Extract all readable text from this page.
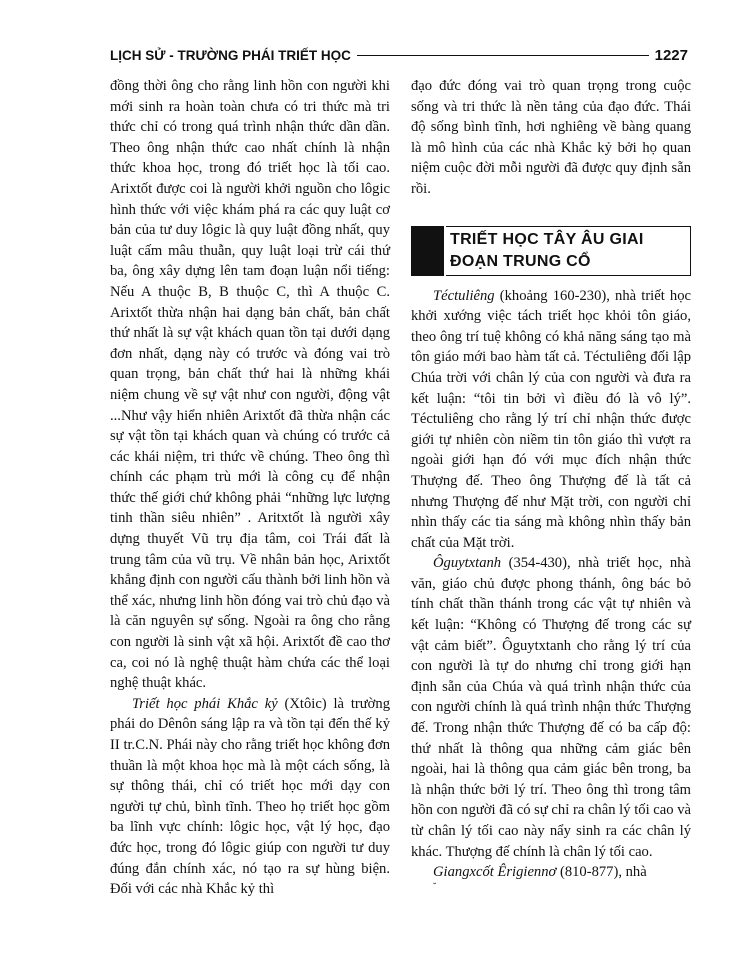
LỊCH SỬ - TRƯỜNG PHÁI TRIẾT HỌC	1227

đồng thời ông cho rằng linh hồn con người khi mới sinh ra hoàn toàn chưa có tri thức mà tri thức chỉ có trong quá trình nhận thức dần dần. Theo ông nhận thức cao nhất chính là nhận thức khoa học, trong đó triết học là tối cao. Arixtốt được coi là người khởi nguồn cho lôgic hình thức với việc khám phá ra các quy luật cơ bản của tư duy lôgic là quy luật đồng nhất, quy luật cấm mâu thuẫn, quy luật loại trừ cái thứ ba, ông xây dựng lên tam đoạn luận nổi tiếng: Nếu A thuộc B, B thuộc C, thì A thuộc C. Arixtốt thừa nhận hai dạng bản chất, bản chất thứ nhất là sự vật khách quan tồn tại dưới dạng đơn nhất, dạng này có trước và đóng vai trò quan trọng, bản chất thứ hai là những khái niệm chung về sự vật như con người, động vật ...Như vậy hiển nhiên Arixtốt đã thừa nhận các sự vật tồn tại khách quan và chúng có trước cả các khái niệm, tri thức về chúng. Theo ông thì chính các phạm trù mới là công cụ để nhận thức thế giới chứ không phải “những lực lượng tinh thần siêu nhiên” . Aritxtốt là người xây dựng thuyết Vũ trụ địa tâm, coi Trái đất là trung tâm của vũ trụ. Về nhân bản học, Arixtốt khẳng định con người cấu thành bởi linh hồn và thể xác, nhưng linh hồn đóng vai trò chủ đạo và là căn nguyên sự sống. Ngoài ra ông cho rằng con người là sinh vật xã hội. Arixtốt đề cao thơ ca, coi nó là nghệ thuật hàm chứa các thể loại nghệ thuật khác.

Triết học phái Khắc kỷ (Xtôic) là trường phái do Dênôn sáng lập ra và tồn tại đến thế kỷ II tr.C.N. Phái này cho rằng triết học không đơn thuần là một khoa học mà là một cách sống, là sự thông thái, chỉ có triết học mới dạy con người tự chủ, bình tĩnh. Theo họ triết học gồm ba lĩnh vực chính: lôgic học, vật lý học, đạo đức học, trong đó lôgic giúp con người tư duy đúng đắn chính xác, nó tạo ra sự hùng biện. Đối với các nhà Khắc kỷ thì

đạo đức đóng vai trò quan trọng trong cuộc sống và tri thức là nền tảng của đạo đức. Thái độ sống bình tĩnh, hơi nghiêng về bàng quang là mô hình của các nhà Khắc kỷ bởi họ quan niệm cuộc đời mỗi người đã được quy định sẵn rồi.

TRIẾT HỌC TÂY ÂU GIAI ĐOẠN TRUNG CỔ

Téctuliêng (khoảng 160-230), nhà triết học khởi xướng việc tách triết học khỏi tôn giáo, theo ông trí tuệ không có khả năng sáng tạo mà tôn giáo mới bao hàm tất cả. Téctuliêng đối lập Chúa trời với chân lý của con người và đưa ra kết luận: “tôi tin bởi vì điều đó là vô lý”. Téctuliêng cho rằng lý trí chỉ nhận thức được giới tự nhiên còn niềm tin tôn giáo thì vượt ra ngoài giới hạn đó với mục đích nhận thức Thượng đế. Theo ông Thượng đế là tất cả nhưng Thượng đế như Mặt trời, con người chỉ nhìn thấy các tia sáng mà không nhìn thấy bản chất của Mặt trời.

Ôguytxtanh (354-430), nhà triết học, nhà văn, giáo chủ được phong thánh, ông bác bỏ tính chất thần thánh trong các vật tự nhiên và kết luận: “Không có Thượng đế trong các sự vật cảm biết”. Ôguytxtanh cho rằng lý trí của con người là tự do nhưng chỉ trong giới hạn định sẵn của Chúa và quá trình nhận thức của con người chính là quá trình nhận thức Thượng đế. Trong nhận thức Thượng đế có ba cấp độ: thứ nhất là thông qua những cảm giác bên ngoài, hai là thông qua cảm giác bên trong, ba là nhận thức bởi lý trí. Theo ông thì trong tâm hồn con người đã có sự chỉ ra chân lý tối cao và từ chân lý tối cao này nẩy sinh ra các chân lý khác. Thượng đế chính là chân lý tối cao.

Giangxcốt Êrigiennơ (810-877), nhà

˘
